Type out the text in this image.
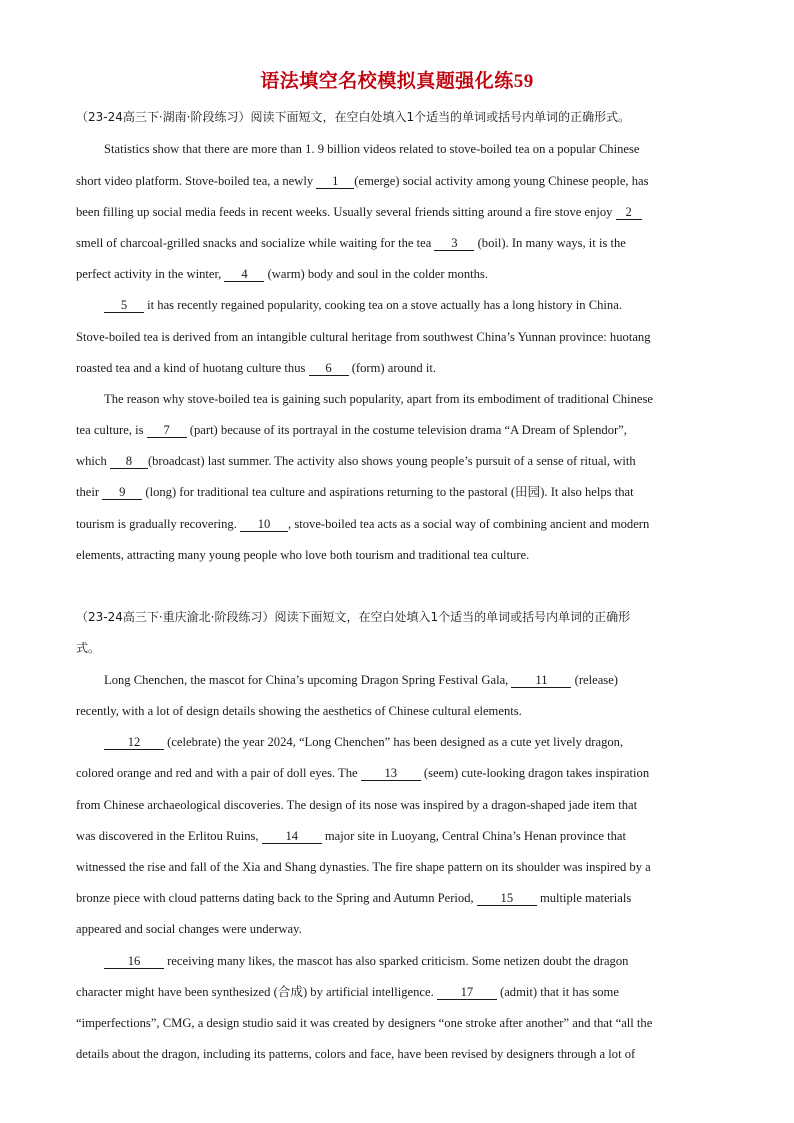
语法填空名校模拟真题强化练59
（23-24高三下·湖南·阶段练习）阅读下面短文，在空白处填入1个适当的单词或括号内单词的正确形式。
Statistics show that there are more than 1. 9 billion videos related to stove-boiled tea on a popular Chinese
short video platform. Stove-boiled tea, a newly 1 (emerge) social activity among young Chinese people, has
been filling up social media feeds in recent weeks. Usually several friends sitting around a fire stove enjoy 2
smell of charcoal-grilled snacks and socialize while waiting for the tea 3 (boil). In many ways, it is the
perfect activity in the winter, 4 (warm) body and soul in the colder months.
5 it has recently regained popularity, cooking tea on a stove actually has a long history in China.
Stove-boiled tea is derived from an intangible cultural heritage from southwest China’s Yunnan province: huotang
roasted tea and a kind of huotang culture thus 6 (form) around it.
The reason why stove-boiled tea is gaining such popularity, apart from its embodiment of traditional Chinese
tea culture, is 7 (part) because of its portrayal in the costume television drama “A Dream of Splendor”,
which 8 (broadcast) last summer. The activity also shows young people’s pursuit of a sense of ritual, with
their 9 (long) for traditional tea culture and aspirations returning to the pastoral (田园). It also helps that
tourism is gradually recovering. 10 , stove-boiled tea acts as a social way of combining ancient and modern
elements, attracting many young people who love both tourism and traditional tea culture.
（23-24高三下·重庆渝北·阶段练习）阅读下面短文，在空白处填入1个适当的单词或括号内单词的正确形
式。
Long Chenchen, the mascot for China’s upcoming Dragon Spring Festival Gala, 11 (release)
recently, with a lot of design details showing the aesthetics of Chinese cultural elements.
12 (celebrate) the year 2024, “Long Chenchen” has been designed as a cute yet lively dragon,
colored orange and red and with a pair of doll eyes. The 13 (seem) cute-looking dragon takes inspiration
from Chinese archaeological discoveries. The design of its nose was inspired by a dragon-shaped jade item that
was discovered in the Erlitou Ruins, 14 major site in Luoyang, Central China’s Henan province that
witnessed the rise and fall of the Xia and Shang dynasties. The fire shape pattern on its shoulder was inspired by a
bronze piece with cloud patterns dating back to the Spring and Autumn Period, 15 multiple materials
appeared and social changes were underway.
16 receiving many likes, the mascot has also sparked criticism. Some netizen doubt the dragon
character might have been synthesized (合成) by artificial intelligence. 17 (admit) that it has some
“imperfections”, CMG, a design studio said it was created by designers “one stroke after another” and that “all the
details about the dragon, including its patterns, colors and face, have been revised by designers through a lot of
